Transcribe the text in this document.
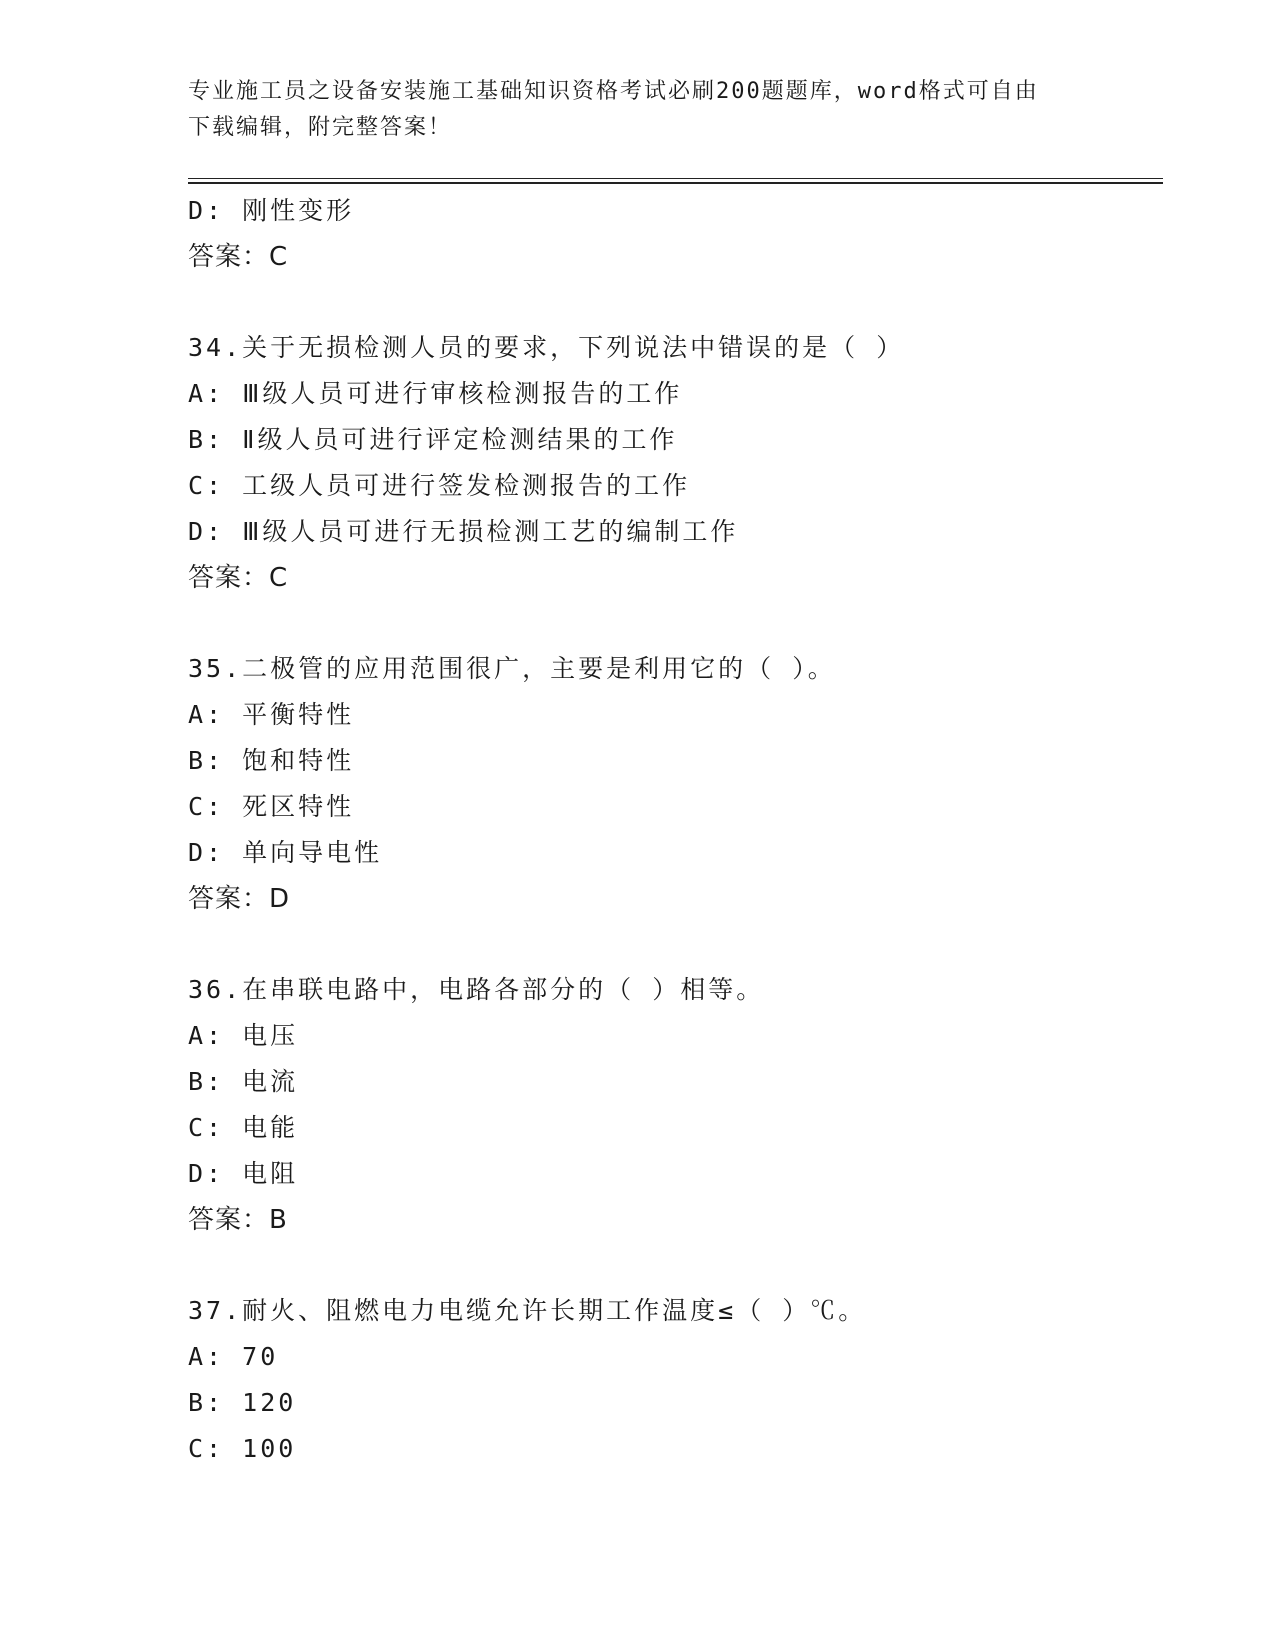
专业施工员之设备安装施工基础知识资格考试必刷200题题库，word格式可自由
下载编辑，附完整答案！
D: 刚性变形
答案：C
34.关于无损检测人员的要求，下列说法中错误的是（ ）
A: Ⅲ级人员可进行审核检测报告的工作
B: Ⅱ级人员可进行评定检测结果的工作
C: 工级人员可进行签发检测报告的工作
D: Ⅲ级人员可进行无损检测工艺的编制工作
答案：C
35.二极管的应用范围很广，主要是利用它的（ ）。
A: 平衡特性
B: 饱和特性
C: 死区特性
D: 单向导电性
答案：D
36.在串联电路中，电路各部分的（ ）相等。
A: 电压
B: 电流
C: 电能
D: 电阻
答案：B
37.耐火、阻燃电力电缆允许长期工作温度≤（ ）℃。
A: 70
B: 120
C: 100
